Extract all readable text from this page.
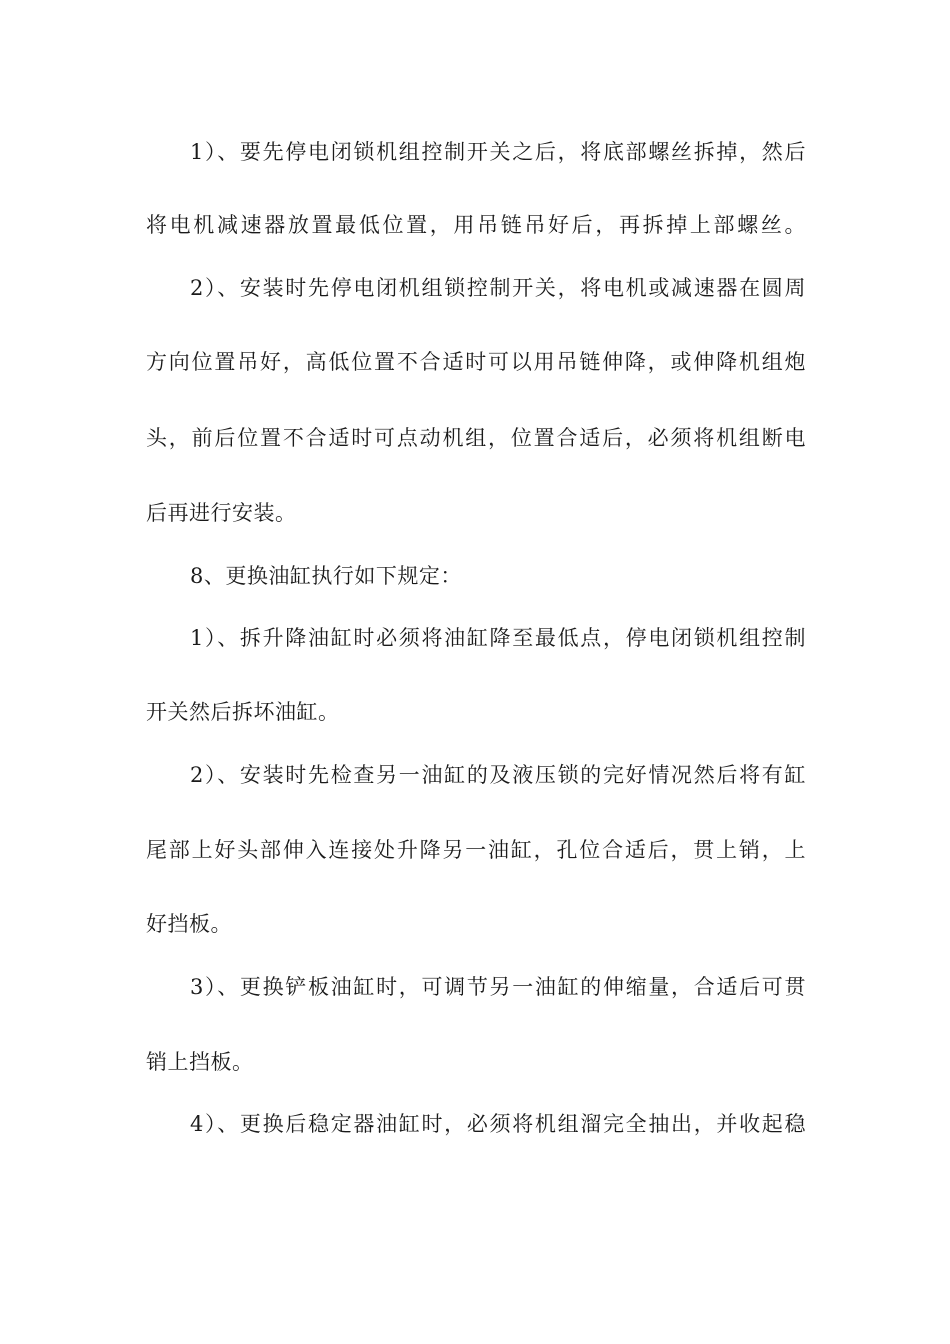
1）、要先停电闭锁机组控制开关之后，将底部螺丝拆掉，然后
将电机减速器放置最低位置，用吊链吊好后，再拆掉上部螺丝。
2）、安装时先停电闭机组锁控制开关，将电机或减速器在圆周
方向位置吊好，高低位置不合适时可以用吊链伸降，或伸降机组炮
头，前后位置不合适时可点动机组，位置合适后，必须将机组断电
后再进行安装。
8、更换油缸执行如下规定：
1）、拆升降油缸时必须将油缸降至最低点，停电闭锁机组控制
开关然后拆坏油缸。
2）、安装时先检查另一油缸的及液压锁的完好情况然后将有缸
尾部上好头部伸入连接处升降另一油缸，孔位合适后，贯上销，上
好挡板。
3）、更换铲板油缸时，可调节另一油缸的伸缩量，合适后可贯
销上挡板。
4）、更换后稳定器油缸时，必须将机组溜完全抽出，并收起稳
